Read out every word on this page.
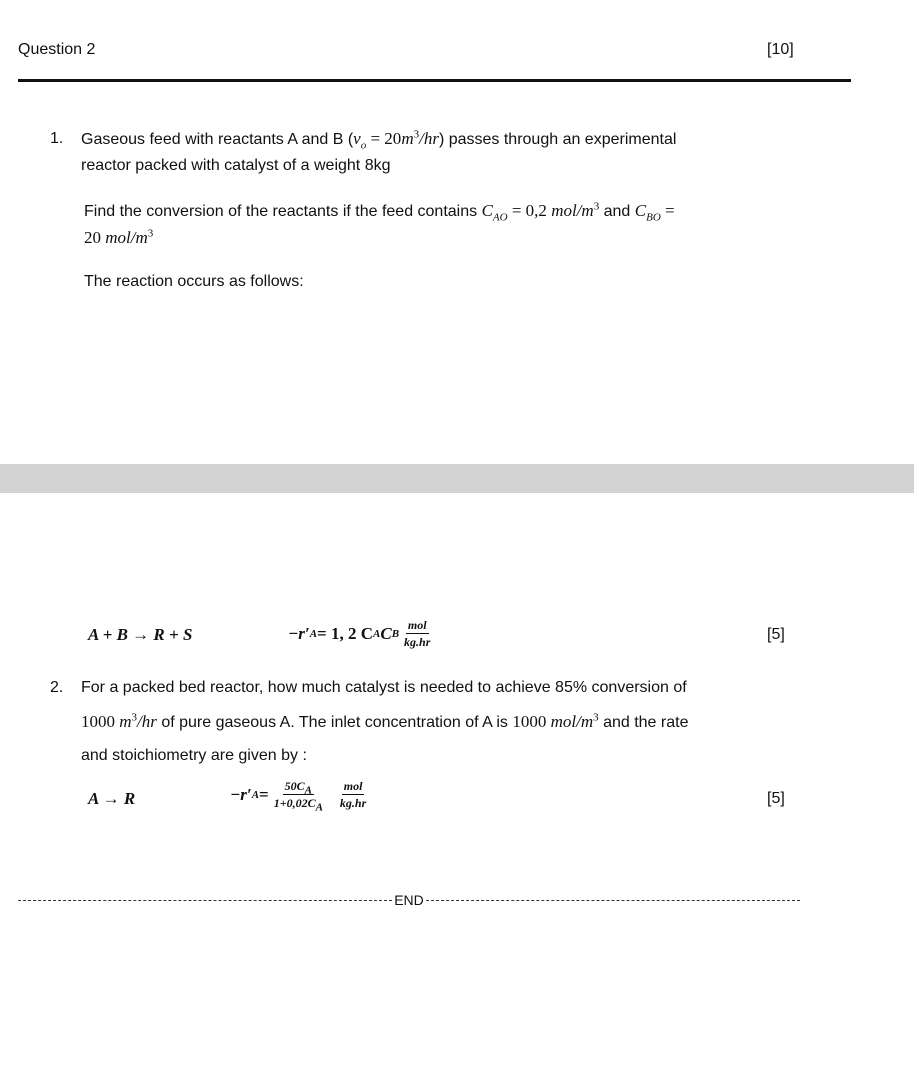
Question 2	[10]
1. Gaseous feed with reactants A and B $(v_o = 20m^3/hr)$ passes through an experimental
reactor packed with catalyst of a weight 8kg
Find the conversion of the reactants if the feed contains $C_{AO} = 0,2$ mol/$m^3$ and $C_{BO}$ =
20 mol/$m^3$
The reaction occurs as follows:
A + B → R + S	−r′ A = 1, 2 C A C B $\frac{\text{mol}}{kg.hr}$	[5]
2. For a packed bed reactor, how much catalyst is needed to achieve 85% conversion of
1000 $m^3/hr$ of pure gaseous A. The inlet concentration of A is 1000 mol/$m^3$ and the rate
and stoichiometry are given by :
A → R	−r′ $A = \frac{50C_A}{1+0,02C_A} \frac{\text{mol}}{kg.hr}$	[5]
END
